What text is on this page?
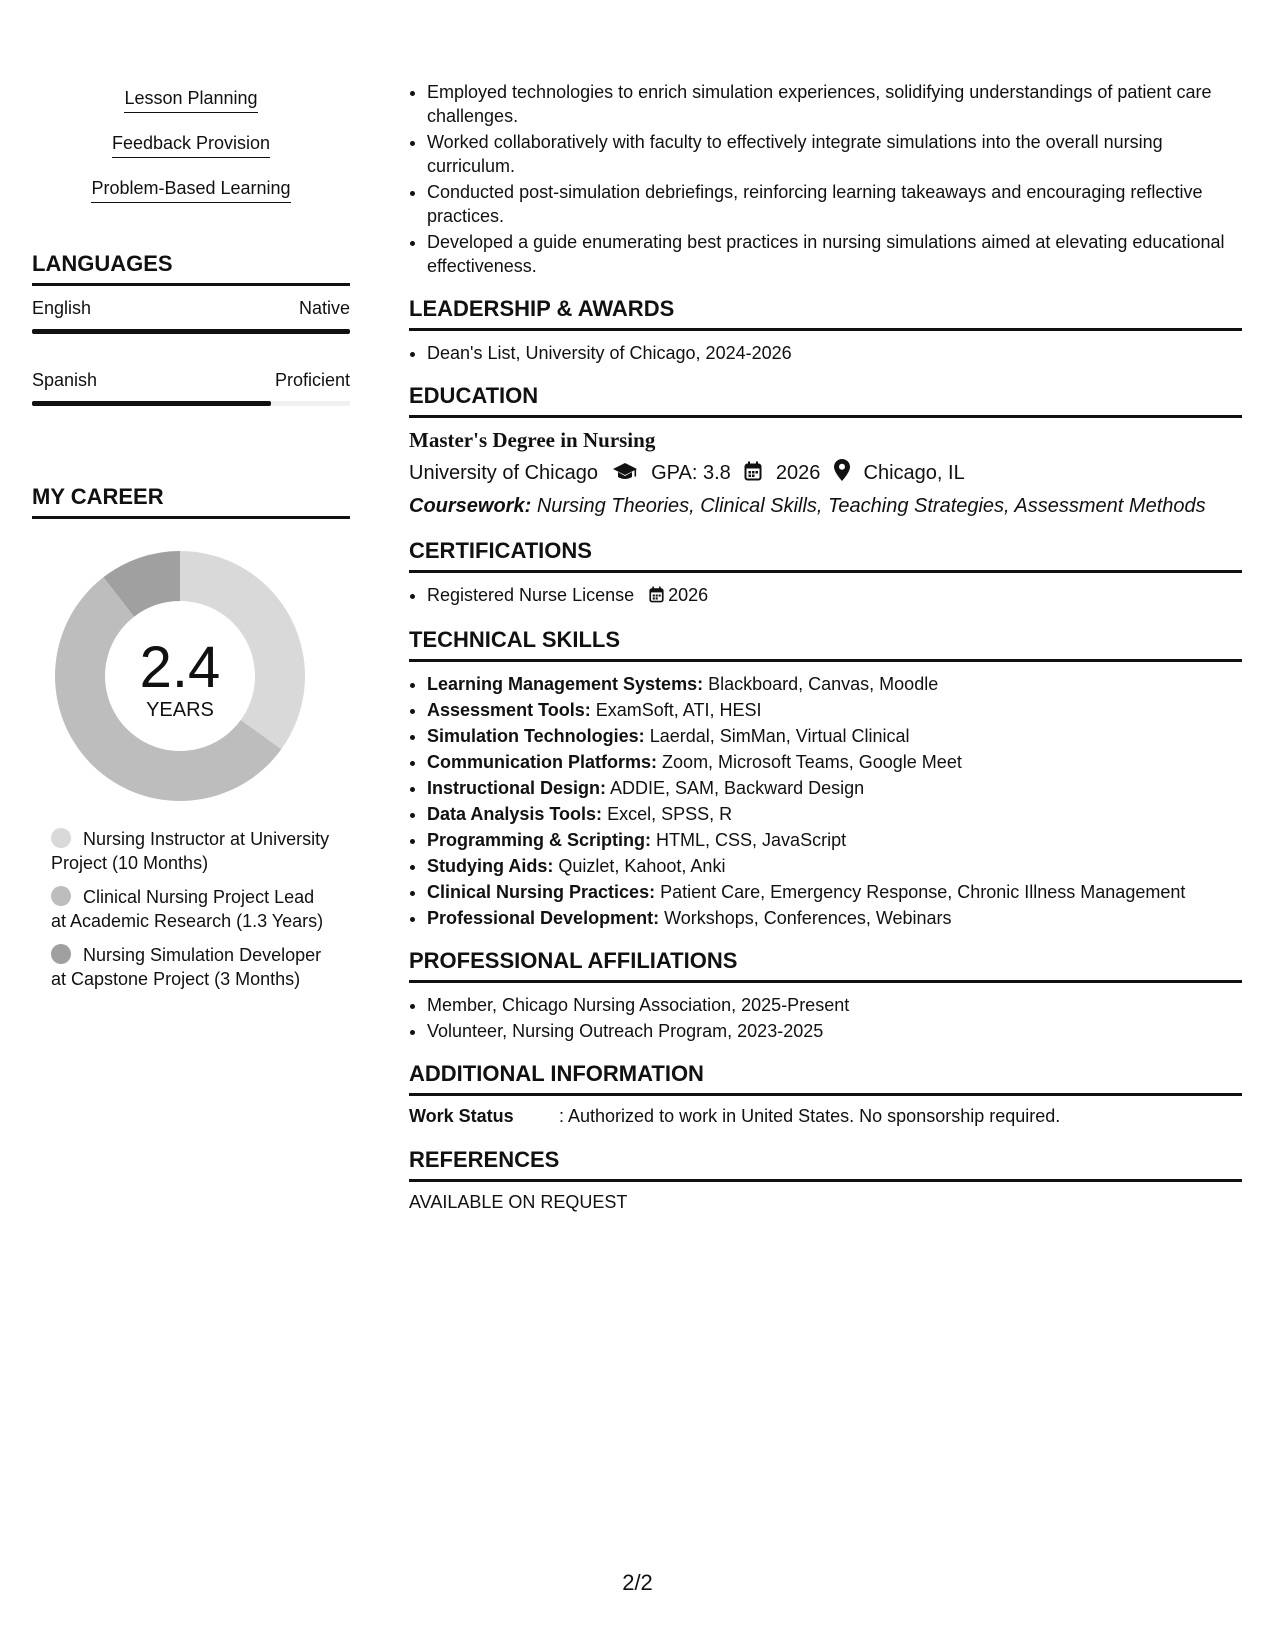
Lesson Planning
Feedback Provision
Problem-Based Learning
LANGUAGES
English	Native
Spanish	Proficient
MY CAREER
2.4
YEARS
Nursing Instructor at University Project (10 Months)
Clinical Nursing Project Lead at Academic Research (1.3 Years)
Nursing Simulation Developer at Capstone Project (3 Months)
• Employed technologies to enrich simulation experiences, solidifying understandings of patient care challenges.
• Worked collaboratively with faculty to effectively integrate simulations into the overall nursing curriculum.
• Conducted post-simulation debriefings, reinforcing learning takeaways and encouraging reflective practices.
• Developed a guide enumerating best practices in nursing simulations aimed at elevating educational effectiveness.
LEADERSHIP & AWARDS
• Dean's List, University of Chicago, 2024-2026
EDUCATION
Master's Degree in Nursing
University of Chicago	GPA: 3.8 2026 Chicago, IL
Coursework: Nursing Theories, Clinical Skills, Teaching Strategies, Assessment Methods
CERTIFICATIONS
• Registered Nurse License 2026
TECHNICAL SKILLS
• Learning Management Systems: Blackboard, Canvas, Moodle
• Assessment Tools: ExamSoft, ATI, HESI
• Simulation Technologies: Laerdal, SimMan, Virtual Clinical
• Communication Platforms: Zoom, Microsoft Teams, Google Meet
• Instructional Design: ADDIE, SAM, Backward Design
• Data Analysis Tools: Excel, SPSS, R
• Programming & Scripting: HTML, CSS, JavaScript
• Studying Aids: Quizlet, Kahoot, Anki
• Clinical Nursing Practices: Patient Care, Emergency Response, Chronic Illness Management
• Professional Development: Workshops, Conferences, Webinars
PROFESSIONAL AFFILIATIONS
• Member, Chicago Nursing Association, 2025-Present
• Volunteer, Nursing Outreach Program, 2023-2025
ADDITIONAL INFORMATION
Work Status	: Authorized to work in United States. No sponsorship required.
REFERENCES
AVAILABLE ON REQUEST
2/2
